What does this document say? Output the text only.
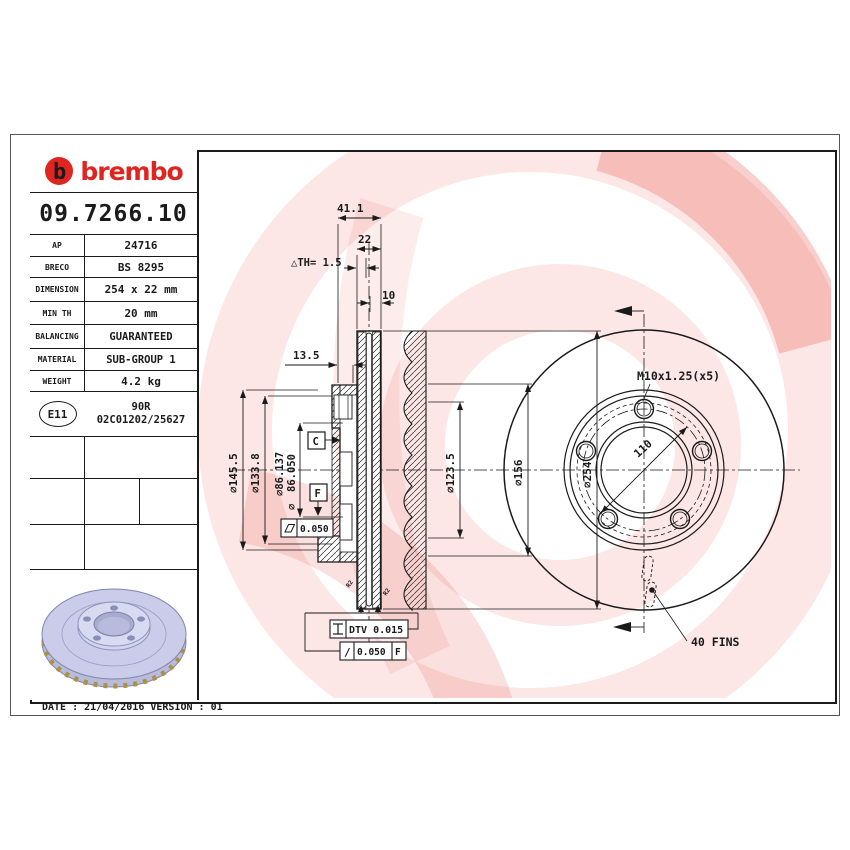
R2
R2
41.1
22
△TH= 1.5
10
13.5
∅145.5 ∅133.8 ∅86.137 86.050
∅
∅123.5	∅156	∅254
C
F
0.050
DTV 0.015
/ 0.050 F
M10x1.25(x5)
110
40 FINS
b brembo
09.7266.10
AP	24716
BRECO	BS 8295
DIMENSION	254 x 22 mm
MIN TH	20 mm
BALANCING	GUARANTEED
MATERIAL	SUB-GROUP 1
WEIGHT	4.2 kg
E11
90R
02C01202/25627
DATE : 21/04/2016 VERSION : 01
